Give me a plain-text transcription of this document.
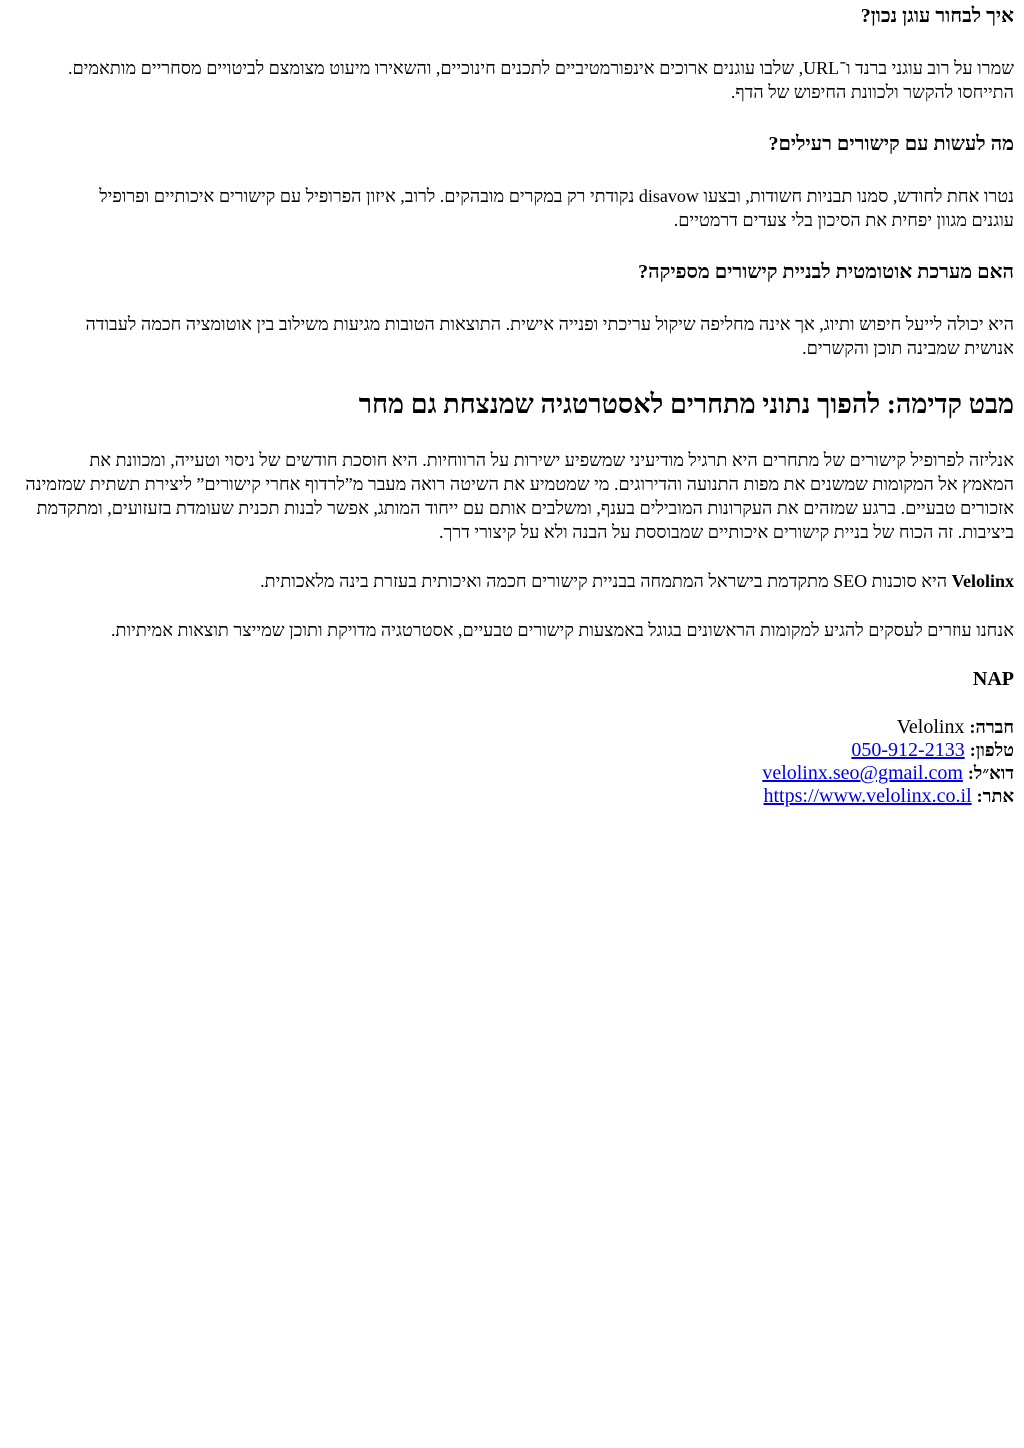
איך לבחור עוגן נכון?

שמרו על רוב עוגני ברנד ו־URL, שלבו עוגנים ארוכים אינפורמטיביים לתכנים חינוכיים, והשאירו מיעוט מצומצם לביטויים מסחריים מותאמים.

התייחסו להקשר ולכוונת החיפוש של הדף.

מה לעשות עם קישורים רעילים?

נטרו אחת לחודש, סמנו תבניות חשודות, ובצעו disavow נקודתי רק במקרים מובהקים. לרוב, איזון הפרופיל עם קישורים איכותיים ופרופיל

עוגנים מגוון יפחית את הסיכון בלי צעדים דרמטיים.

האם מערכת אוטומטית לבניית קישורים מספיקה?

היא יכולה לייעל חיפוש ותיוג, אך אינה מחליפה שיקול עריכתי ופנייה אישית. התוצאות הטובות מגיעות משילוב בין אוטומציה חכמה לעבודה

אנושית שמבינה תוכן והקשרים.

מבט קדימה: להפוך נתוני מתחרים לאסטרטגיה שמנצחת גם מחר

אנליזה לפרופיל קישורים של מתחרים היא תרגיל מודיעיני שמשפיע ישירות על הרווחיות. היא חוסכת חודשים של ניסוי וטעייה, ומכוונת את

המאמץ אל המקומות שמשנים את מפות התנועה והדירוגים. מי שמטמיע את השיטה רואה מעבר מ”לרדוף אחרי קישורים” ליצירת תשתית שמזמינה

אזכורים טבעיים. ברגע שמזהים את העקרונות המובילים בענף, ומשלבים אותם עם ייחוד המותג, אפשר לבנות תכנית שעומדת בזעזועים, ומתקדמת

ביציבות. זה הכוח של בניית קישורים איכותיים שמבוססת על הבנה ולא על קיצורי דרך.

Velolinx היא סוכנות SEO מתקדמת בישראל המתמחה בבניית קישורים חכמה ואיכותית בעזרת בינה מלאכותית.

אנחנו עוזרים לעסקים להגיע למקומות הראשונים בגוגל באמצעות קישורים טבעיים, אסטרטגיה מדויקת ותוכן שמייצר תוצאות אמיתיות.

NAP
חברה: Velolinx
טלפון: 050-912-2133
דוא״ל: velolinx.seo@gmail.com
אתר: https://www.velolinx.co.il
